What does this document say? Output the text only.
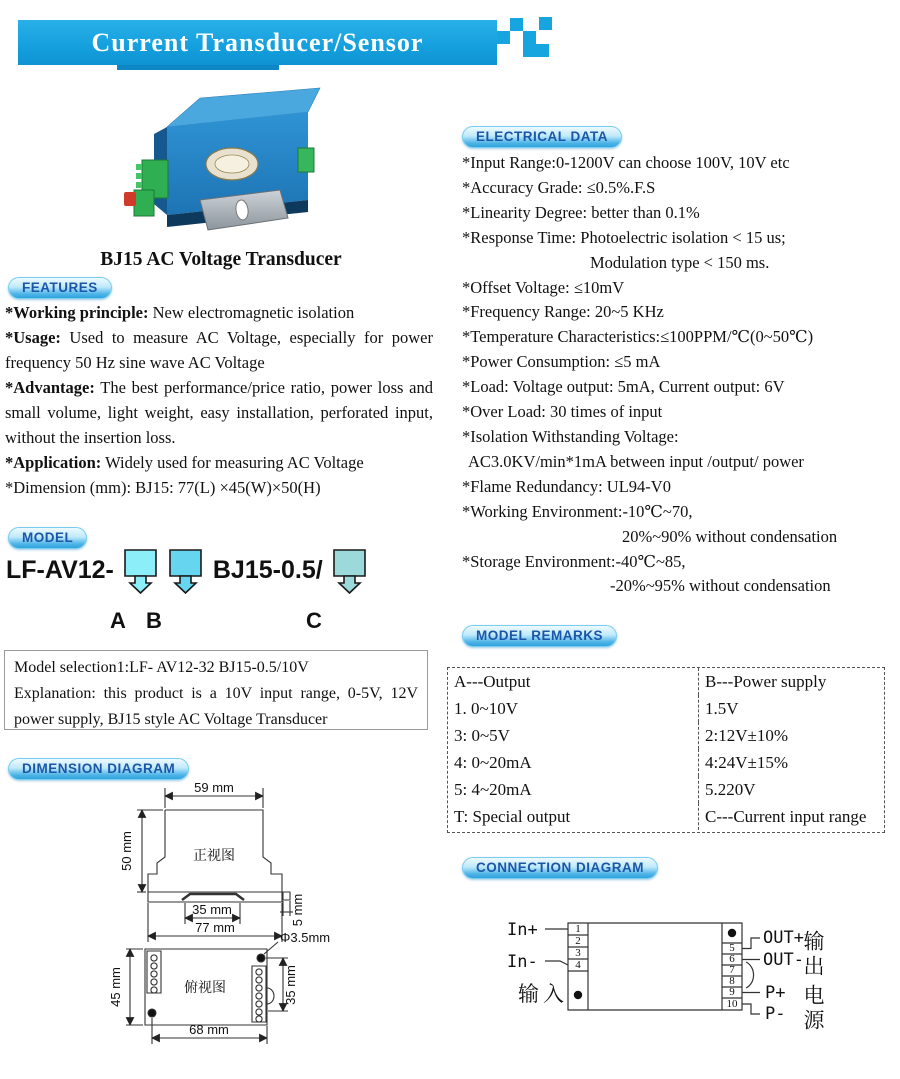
Current Transducer/Sensor
BJ15 AC Voltage Transducer
FEATURES

*Working principle: New electromagnetic isolation

*Usage: Used to measure AC Voltage, especially for power frequency 50 Hz sine wave AC Voltage

*Advantage: The best performance/price ratio, power loss and small volume, light weight, easy installation, perforated input, without the insertion loss.

*Application: Widely used for measuring AC Voltage

*Dimension (mm): BJ15: 77(L) ×45(W)×50(H)

MODEL
LF-AV12-	BJ15-0.5/
A B	C
Model selection1:LF- AV12-32 BJ15-0.5/10V
Explanation: this product is a 10V input range, 0-5V, 12V power supply, BJ15 style AC Voltage Transducer
DIMENSION DIAGRAM
59 mm
50 mm
35 mm
77 mm
5 mm
正视图
45 mm
68 mm
35 mm
Φ3.5mm
俯视图
ELECTRICAL DATA
*Input Range:0-1200V can choose 100V, 10V etc
*Accuracy Grade: ≤0.5%.F.S
*Linearity Degree: better than 0.1%
*Response Time: Photoelectric isolation < 15 us;
Modulation type < 150 ms.
*Offset Voltage: ≤10mV
*Frequency Range: 20~5 KHz
*Temperature Characteristics:≤100PPM/℃(0~50℃)
*Power Consumption: ≤5 mA
*Load: Voltage output: 5mA, Current output: 6V
*Over Load: 30 times of input
*Isolation Withstanding Voltage:
AC3.0KV/min*1mA between input /output/ power
*Flame Redundancy: UL94-V0
*Working Environment:-10℃~70,
20%~90% without condensation
*Storage Environment:-40℃~85,
-20%~95% without condensation
MODEL REMARKS
A---Output	B---Power supply
1. 0~10V	1.5V
3: 0~5V	2:12V±10%
4: 0~20mA	4:24V±15%
5: 4~20mA	5.220V
T: Special output	C---Current input range
CONNECTION DIAGRAM
1
2
3
4
5
6
7
8
9
10
In+
In-
OUT+
OUT-
P+
P-
输入
输出
电源
